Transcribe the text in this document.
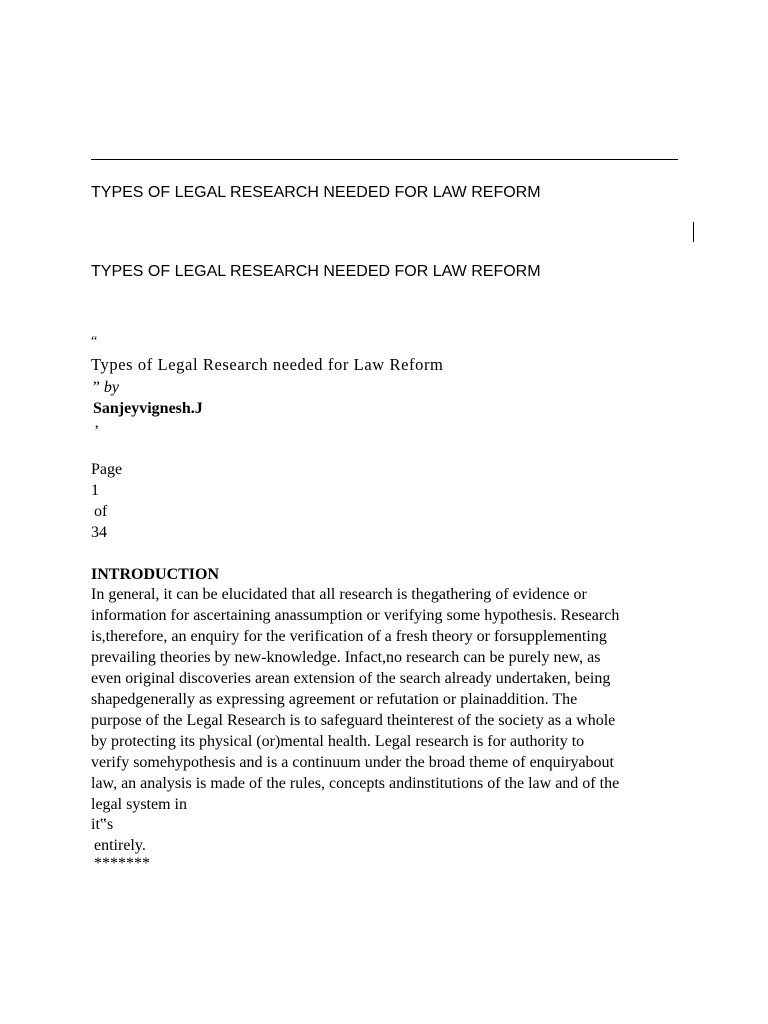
TYPES OF LEGAL RESEARCH NEEDED FOR LAW REFORM
TYPES OF LEGAL RESEARCH NEEDED FOR LAW REFORM
“
Types of Legal Research needed for Law Reform
” by
Sanjeyvignesh.J
’
Page
1
of
34
INTRODUCTION
In general, it can be elucidated that all research is thegathering of evidence or
information for ascertaining anassumption or verifying some hypothesis. Research
is,therefore, an enquiry for the verification of a fresh theory or forsupplementing
prevailing theories by new-knowledge. Infact,no research can be purely new, as
even original discoveries arean extension of the search already undertaken, being
shapedgenerally as expressing agreement or refutation or plainaddition. The
purpose of the Legal Research is to safeguard theinterest of the society as a whole
by protecting its physical (or)mental health. Legal research is for authority to
verify somehypothesis and is a continuum under the broad theme of enquiryabout
law, an analysis is made of the rules, concepts andinstitutions of the law and of the
legal system in
it‟s
entirely.
*******
